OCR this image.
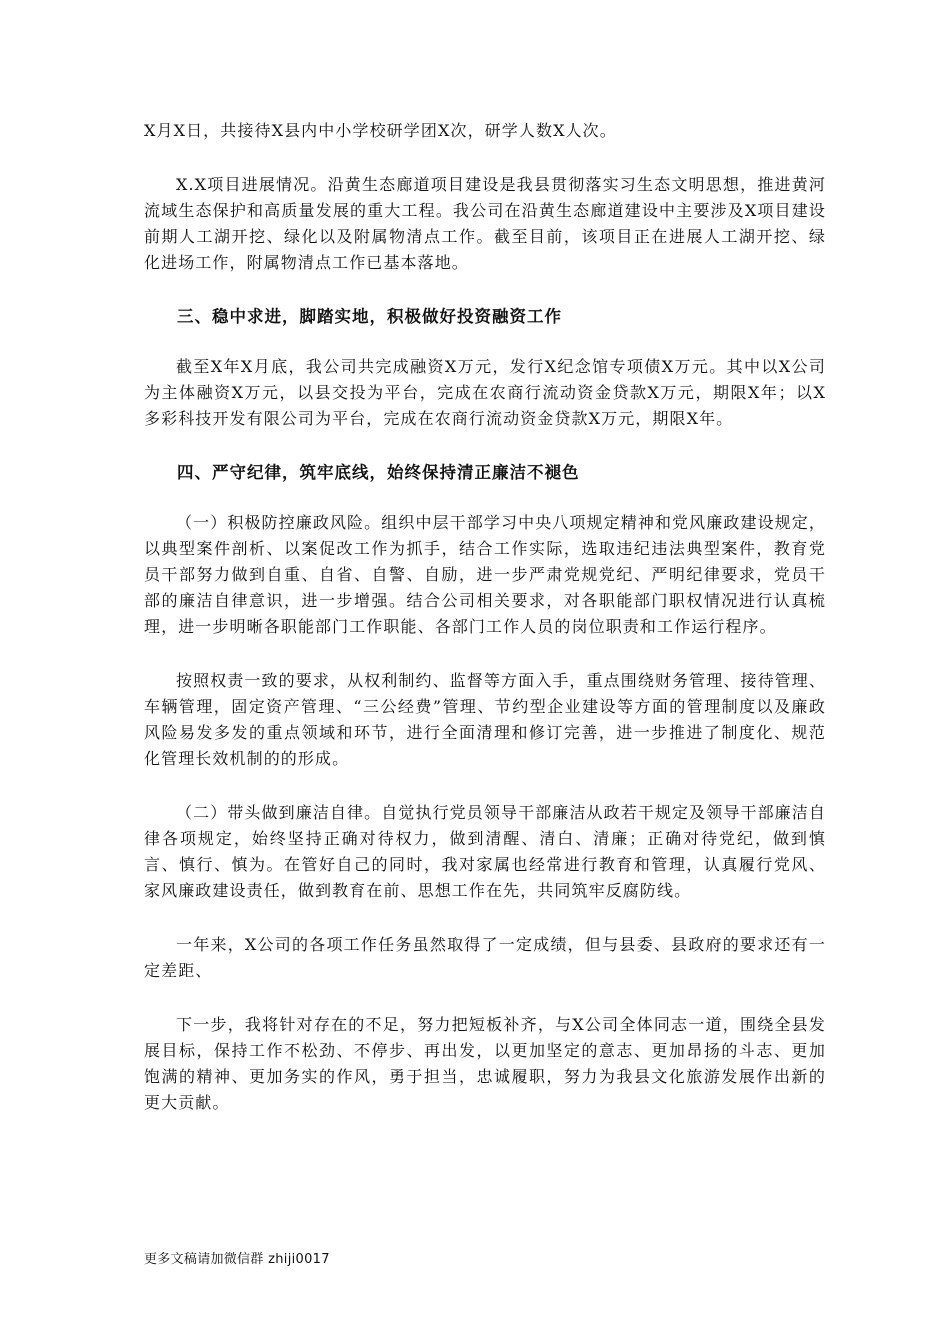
X月X日，共接待X县内中小学校研学团X次，研学人数X人次。

X.X项目进展情况。沿黄生态廊道项目建设是我县贯彻落实习生态文明思想，推进黄河流域生态保护和高质量发展的重大工程。我公司在沿黄生态廊道建设中主要涉及X项目建设前期人工湖开挖、绿化以及附属物清点工作。截至目前，该项目正在进展人工湖开挖、绿化进场工作，附属物清点工作已基本落地。

三、稳中求进，脚踏实地，积极做好投资融资工作

截至X年X月底，我公司共完成融资X万元，发行X纪念馆专项债X万元。其中以X公司为主体融资X万元，以县交投为平台，完成在农商行流动资金贷款X万元，期限X年；以X多彩科技开发有限公司为平台，完成在农商行流动资金贷款X万元，期限X年。

四、严守纪律，筑牢底线，始终保持清正廉洁不褪色

（一）积极防控廉政风险。组织中层干部学习中央八项规定精神和党风廉政建设规定，以典型案件剖析、以案促改工作为抓手，结合工作实际，选取违纪违法典型案件，教育党员干部努力做到自重、自省、自警、自励，进一步严肃党规党纪、严明纪律要求，党员干部的廉洁自律意识，进一步增强。结合公司相关要求，对各职能部门职权情况进行认真梳理，进一步明晰各职能部门工作职能、各部门工作人员的岗位职责和工作运行程序。

按照权责一致的要求，从权利制约、监督等方面入手，重点围绕财务管理、接待管理、车辆管理，固定资产管理、“三公经费”管理、节约型企业建设等方面的管理制度以及廉政风险易发多发的重点领域和环节，进行全面清理和修订完善，进一步推进了制度化、规范化管理长效机制的的形成。

（二）带头做到廉洁自律。自觉执行党员领导干部廉洁从政若干规定及领导干部廉洁自律各项规定，始终坚持正确对待权力，做到清醒、清白、清廉；正确对待党纪，做到慎言、慎行、慎为。在管好自己的同时，我对家属也经常进行教育和管理，认真履行党风、家风廉政建设责任，做到教育在前、思想工作在先，共同筑牢反腐防线。

一年来，X公司的各项工作任务虽然取得了一定成绩，但与县委、县政府的要求还有一定差距、

下一步，我将针对存在的不足，努力把短板补齐，与X公司全体同志一道，围绕全县发展目标，保持工作不松劲、不停步、再出发，以更加坚定的意志、更加昂扬的斗志、更加饱满的精神、更加务实的作风，勇于担当，忠诚履职，努力为我县文化旅游发展作出新的更大贡献。

更多文稿请加微信群 zhiji0017
